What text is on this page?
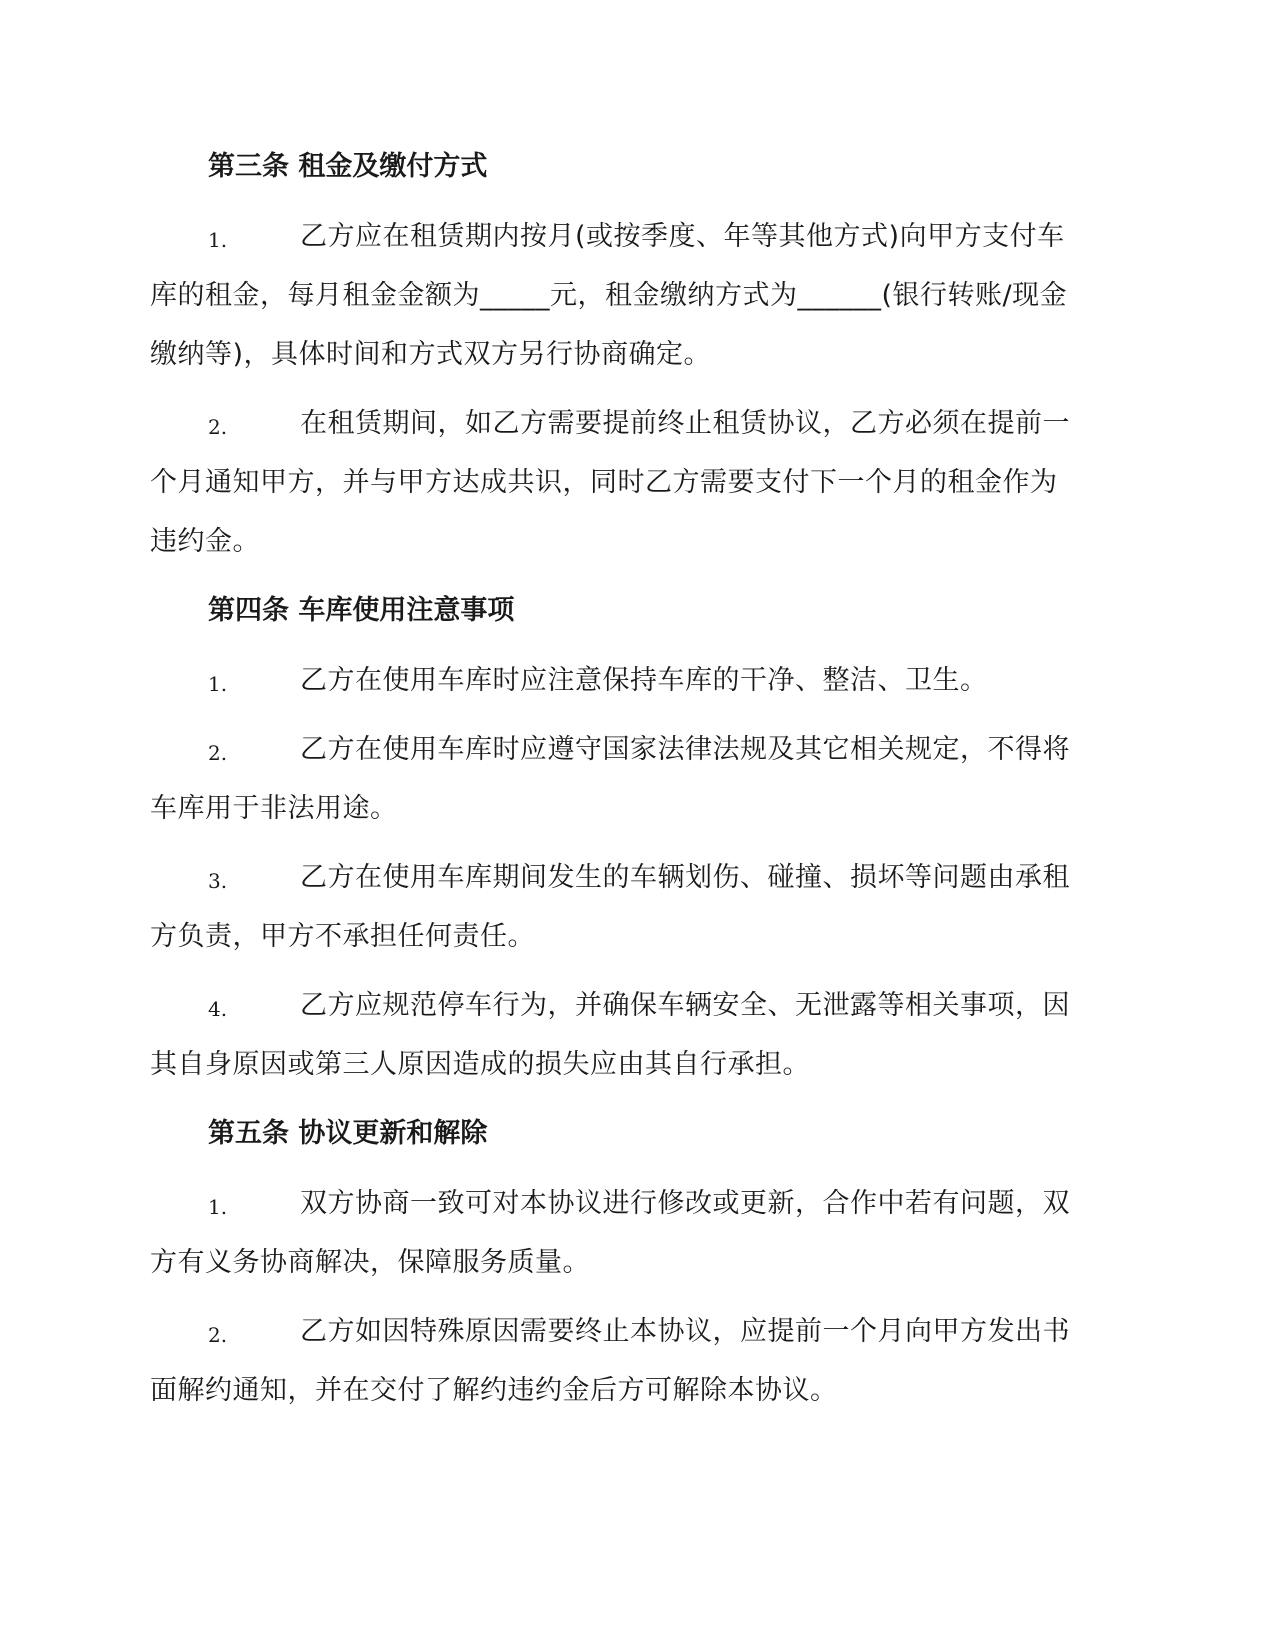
第三条 租金及缴付方式
1.	乙方应在租赁期内按月(或按季度、年等其他方式)向甲方支付车
库的租金，每月租金金额为_____元，租金缴纳方式为______(银行转账/现金
缴纳等)，具体时间和方式双方另行协商确定。
2.	在租赁期间，如乙方需要提前终止租赁协议，乙方必须在提前一
个月通知甲方，并与甲方达成共识，同时乙方需要支付下一个月的租金作为
违约金。
第四条 车库使用注意事项
1.	乙方在使用车库时应注意保持车库的干净、整洁、卫生。
2.	乙方在使用车库时应遵守国家法律法规及其它相关规定，不得将
车库用于非法用途。
3.	乙方在使用车库期间发生的车辆划伤、碰撞、损坏等问题由承租
方负责，甲方不承担任何责任。
4.	乙方应规范停车行为，并确保车辆安全、无泄露等相关事项，因
其自身原因或第三人原因造成的损失应由其自行承担。
第五条 协议更新和解除
1.	双方协商一致可对本协议进行修改或更新，合作中若有问题，双
方有义务协商解决，保障服务质量。
2.	乙方如因特殊原因需要终止本协议，应提前一个月向甲方发出书
面解约通知，并在交付了解约违约金后方可解除本协议。
